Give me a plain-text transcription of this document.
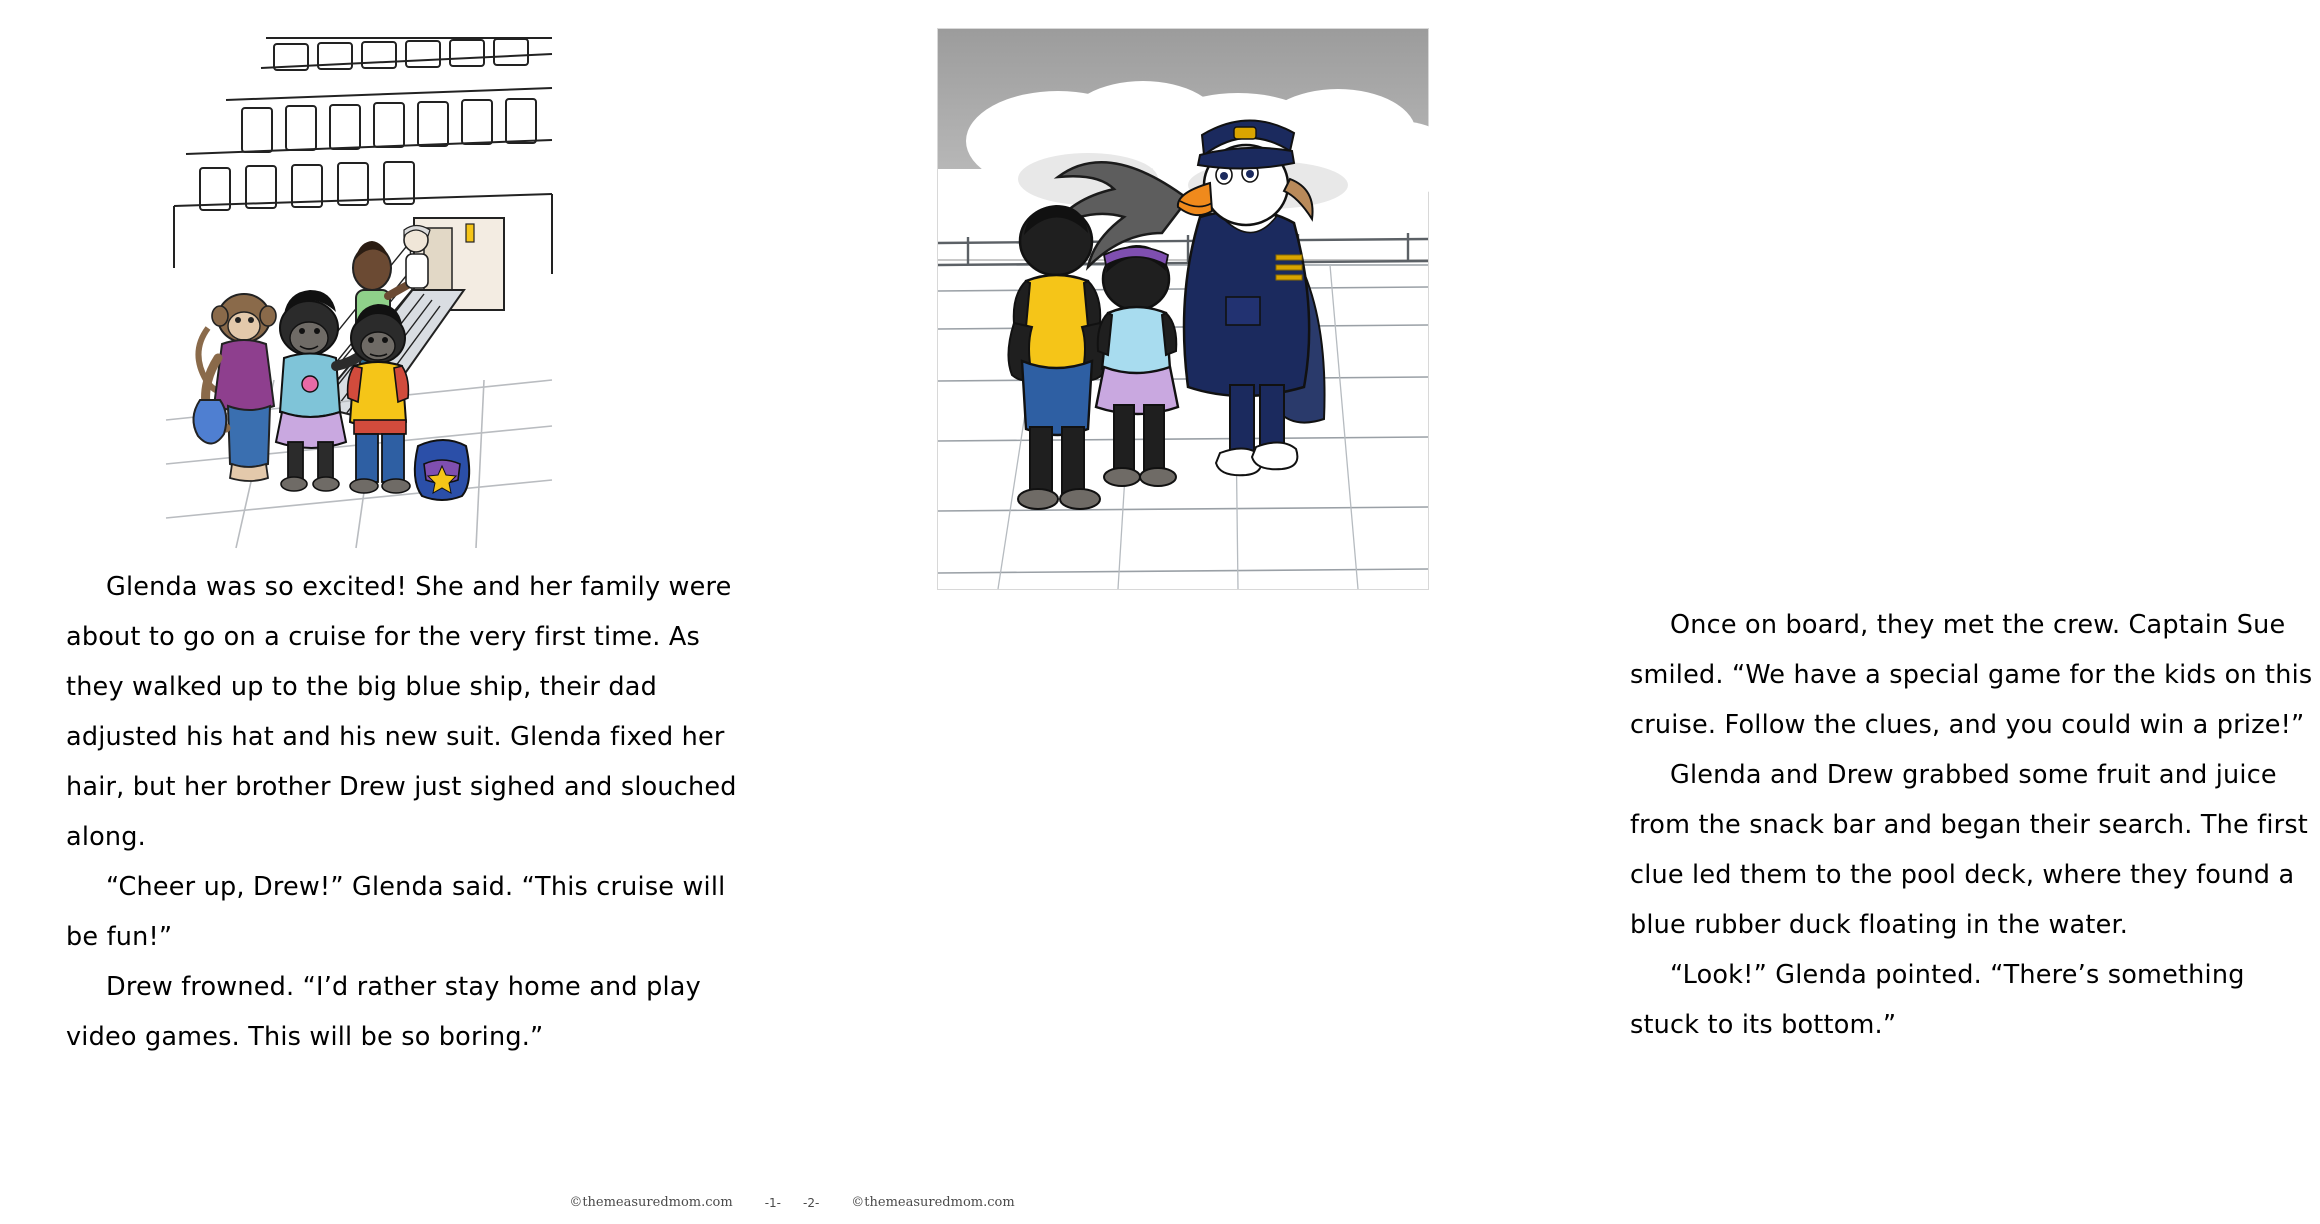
Glenda was so excited! She and her family were about to go on a cruise for the very first time. As they walked up to the big blue ship, their dad adjusted his hat and his new suit. Glenda fixed her hair, but her brother Drew just sighed and slouched along.

“Cheer up, Drew!” Glenda said. “This cruise will be fun!”

Drew frowned. “I’d rather stay home and play video games. This will be so boring.”

Once on board, they met the crew. Captain Sue smiled. “We have a special game for the kids on this cruise. Follow the clues, and you could win a prize!”

Glenda and Drew grabbed some fruit and juice from the snack bar and began their search. The first clue led them to the pool deck, where they found a blue rubber duck floating in the water.

“Look!” Glenda pointed. “There’s something stuck to its bottom.”

©themeasuredmom.com	-1- -2- ©themeasuredmom.com
